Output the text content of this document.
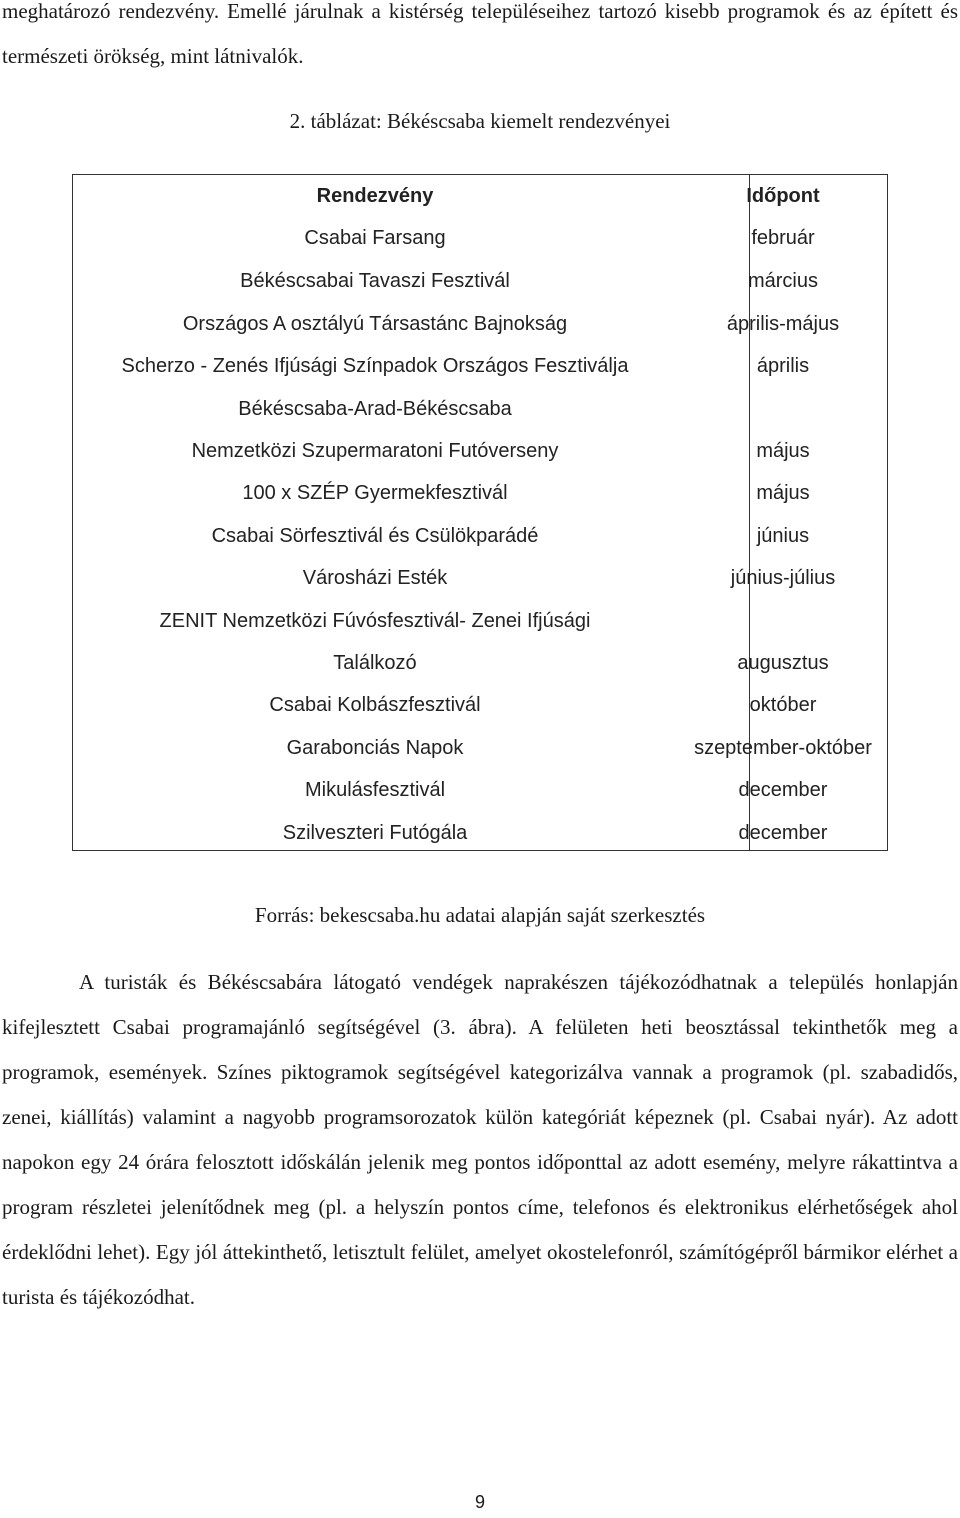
meghatározó rendezvény. Emellé járulnak a kistérség településeihez tartozó kisebb programok és az épített és természeti örökség, mint látnivalók.
2. táblázat: Békéscsaba kiemelt rendezvényei
Rendezvény	Időpont
Csabai Farsang	február
Békéscsabai Tavaszi Fesztivál	március
Országos A osztályú Társastánc Bajnokság	április-május
Scherzo - Zenés Ifjúsági Színpadok Országos Fesztiválja	április
Békéscsaba-Arad-Békéscsaba
Nemzetközi Szupermaratoni Futóverseny	május
100 x SZÉP Gyermekfesztivál	május
Csabai Sörfesztivál és Csülökparádé	június
Városházi Esték	június-július
ZENIT Nemzetközi Fúvósfesztivál- Zenei Ifjúsági
Találkozó	augusztus
Csabai Kolbászfesztivál	október
Garabonciás Napok	szeptember-október
Mikulásfesztivál	december
Szilveszteri Futógála	december
Forrás: bekescsaba.hu adatai alapján saját szerkesztés
A turisták és Békéscsabára látogató vendégek naprakészen tájékozódhatnak a település honlapján kifejlesztett Csabai programajánló segítségével (3. ábra). A felületen heti beosztással tekinthetők meg a programok, események. Színes piktogramok segítségével kategorizálva vannak a programok (pl. szabadidős, zenei, kiállítás) valamint a nagyobb programsorozatok külön kategóriát képeznek (pl. Csabai nyár). Az adott napokon egy 24 órára felosztott időskálán jelenik meg pontos időponttal az adott esemény, melyre rákattintva a program részletei jelenítődnek meg (pl. a helyszín pontos címe, telefonos és elektronikus elérhetőségek ahol érdeklődni lehet). Egy jól áttekinthető, letisztult felület, amelyet okostelefonról, számítógépről bármikor elérhet a turista és tájékozódhat.
9
